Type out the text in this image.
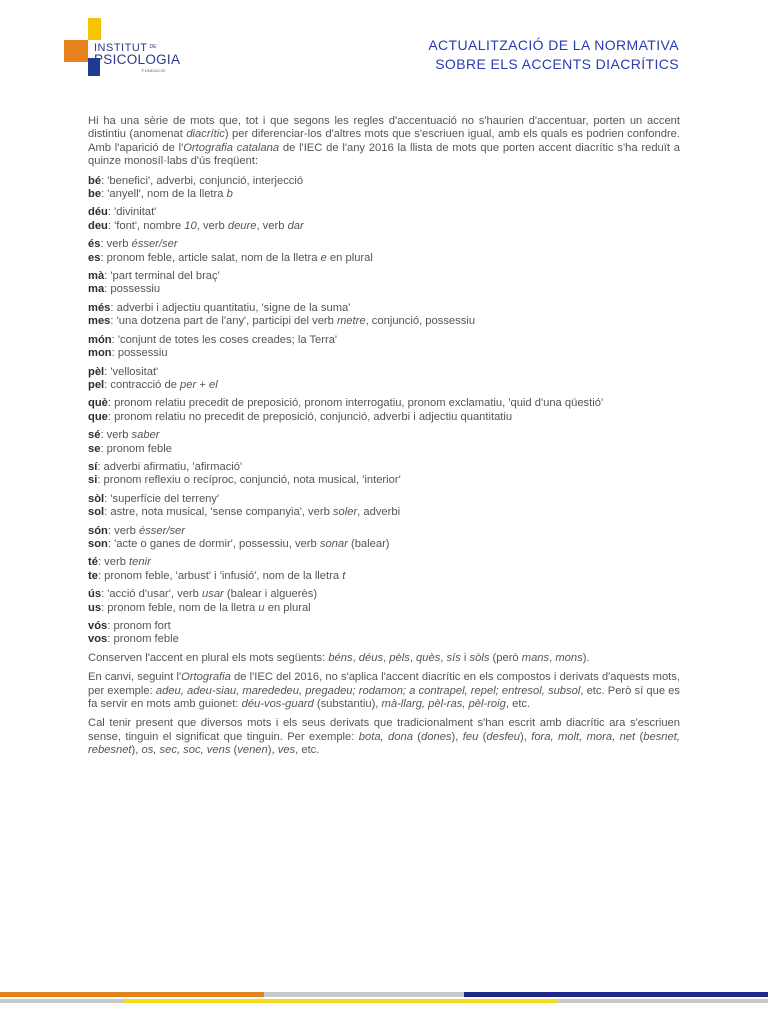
INSTITUT $^{DE}$
PSICOLOGIA
FUNDACIÓ
ACTUALITZACIÓ DE LA NORMATIVA
SOBRE ELS ACCENTS DIACRÍTICS

Hi ha una sèrie de mots que, tot i que segons les regles d'accentuació no s'haurien d'accentuar, porten un accent distintiu (anomenat diacrític) per diferenciar-los d'altres mots que s'escriuen igual, amb els quals es podrien confondre. Amb l'aparició de l'Ortografia catalana de l'IEC de l'any 2016 la llista de mots que porten accent diacrític s'ha reduït a quinze monosíl·labs d'ús freqüent:

bé: 'benefici', adverbi, conjunció, interjecció
be: 'anyell', nom de la lletra b
déu: 'divinitat'
deu: 'font', nombre 10, verb deure, verb dar
és: verb ésser/ser
es: pronom feble, article salat, nom de la lletra e en plural
mà: 'part terminal del braç'
ma: possessiu
més: adverbi i adjectiu quantitatiu, 'signe de la suma'
mes: 'una dotzena part de l'any', participi del verb metre, conjunció, possessiu
món: 'conjunt de totes les coses creades; la Terra'
mon: possessiu
pèl: 'vellositat'
pel: contracció de per + el
què: pronom relatiu precedit de preposició, pronom interrogatiu, pronom exclamatiu, 'quid d'una qüestió'
que: pronom relatiu no precedit de preposició, conjunció, adverbi i adjectiu quantitatiu
sé: verb saber
se: pronom feble
sí: adverbi afirmatiu, 'afirmació'
si: pronom reflexiu o recíproc, conjunció, nota musical, 'interior'
sòl: 'superfície del terreny'
sol: astre, nota musical, 'sense companyia', verb soler, adverbi
són: verb ésser/ser
son: 'acte o ganes de dormir', possessiu, verb sonar (balear)
té: verb tenir
te: pronom feble, 'arbust' i 'infusió', nom de la lletra t
ús: 'acció d'usar', verb usar (balear i alguerès)
us: pronom feble, nom de la lletra u en plural
vós: pronom fort
vos: pronom feble

Conserven l'accent en plural els mots següents: béns, déus, pèls, quès, sís i sòls (però mans, mons).

En canvi, seguint l'Ortografia de l'IEC del 2016, no s'aplica l'accent diacrític en els compostos i derivats d'aquests mots, per exemple: adeu, adeu-siau, marededeu, pregadeu; rodamon; a contrapel, repel; entresol, subsol, etc. Però sí que es fa servir en mots amb guionet: déu-vos-guard (substantiu), mà-llarg, pèl-ras, pèl-roig, etc.

Cal tenir present que diversos mots i els seus derivats que tradicionalment s'han escrit amb diacrític ara s'escriuen sense, tinguin el significat que tinguin. Per exemple: bota, dona (dones), feu (desfeu), fora, molt, mora, net (besnet, rebesnet), os, sec, soc, vens (venen), ves, etc.
